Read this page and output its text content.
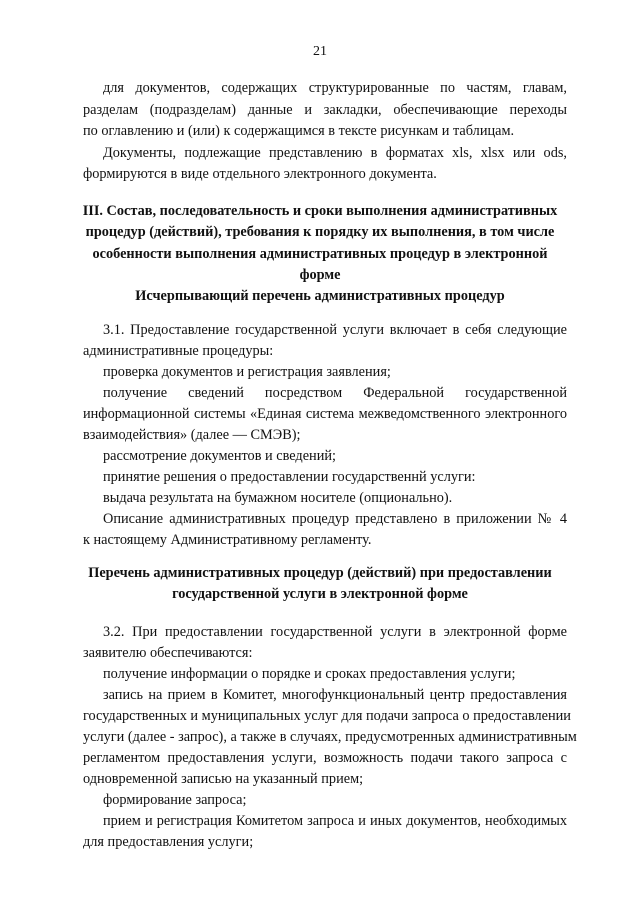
21
для документов, содержащих структурированные по частям, главам,
разделам (подразделам) данные и закладки, обеспечивающие переходы
по оглавлению и (или) к содержащимся в тексте рисункам и таблицам.
Документы, подлежащие представлению в форматах xls, xlsx или ods,
формируются в виде отдельного электронного документа.
III. Состав, последовательность и сроки выполнения административных
процедур (действий), требования к порядку их выполнения, в том числе
особенности выполнения административных процедур в электронной
форме
Исчерпывающий перечень административных процедур
3.1. Предоставление государственной услуги включает в себя следующие
административные процедуры:
проверка документов и регистрация заявления;
получение сведений посредством Федеральной государственной
информационной системы «Единая система межведомственного электронного
взаимодействия» (далее — СМЭВ);
рассмотрение документов и сведений;
принятие решения о предоставлении государственнй услуги:
выдача результата на бумажном носителе (опционально).
Описание административных процедур представлено в приложении № 4
к настоящему Административному регламенту.
Перечень административных процедур (действий) при предоставлении
государственной услуги в электронной форме
3.2. При предоставлении государственной услуги в электронной форме
заявителю обеспечиваются:
получение информации о порядке и сроках предоставления услуги;
запись на прием в Комитет, многофункциональный центр предоставления
государственных и муниципальных услуг для подачи запроса о предоставлении
услуги (далее - запрос), а также в случаях, предусмотренных административным
регламентом предоставления услуги, возможность подачи такого запроса с
одновременной записью на указанный прием;
формирование запроса;
прием и регистрация Комитетом запроса и иных документов, необходимых
для предоставления услуги;
